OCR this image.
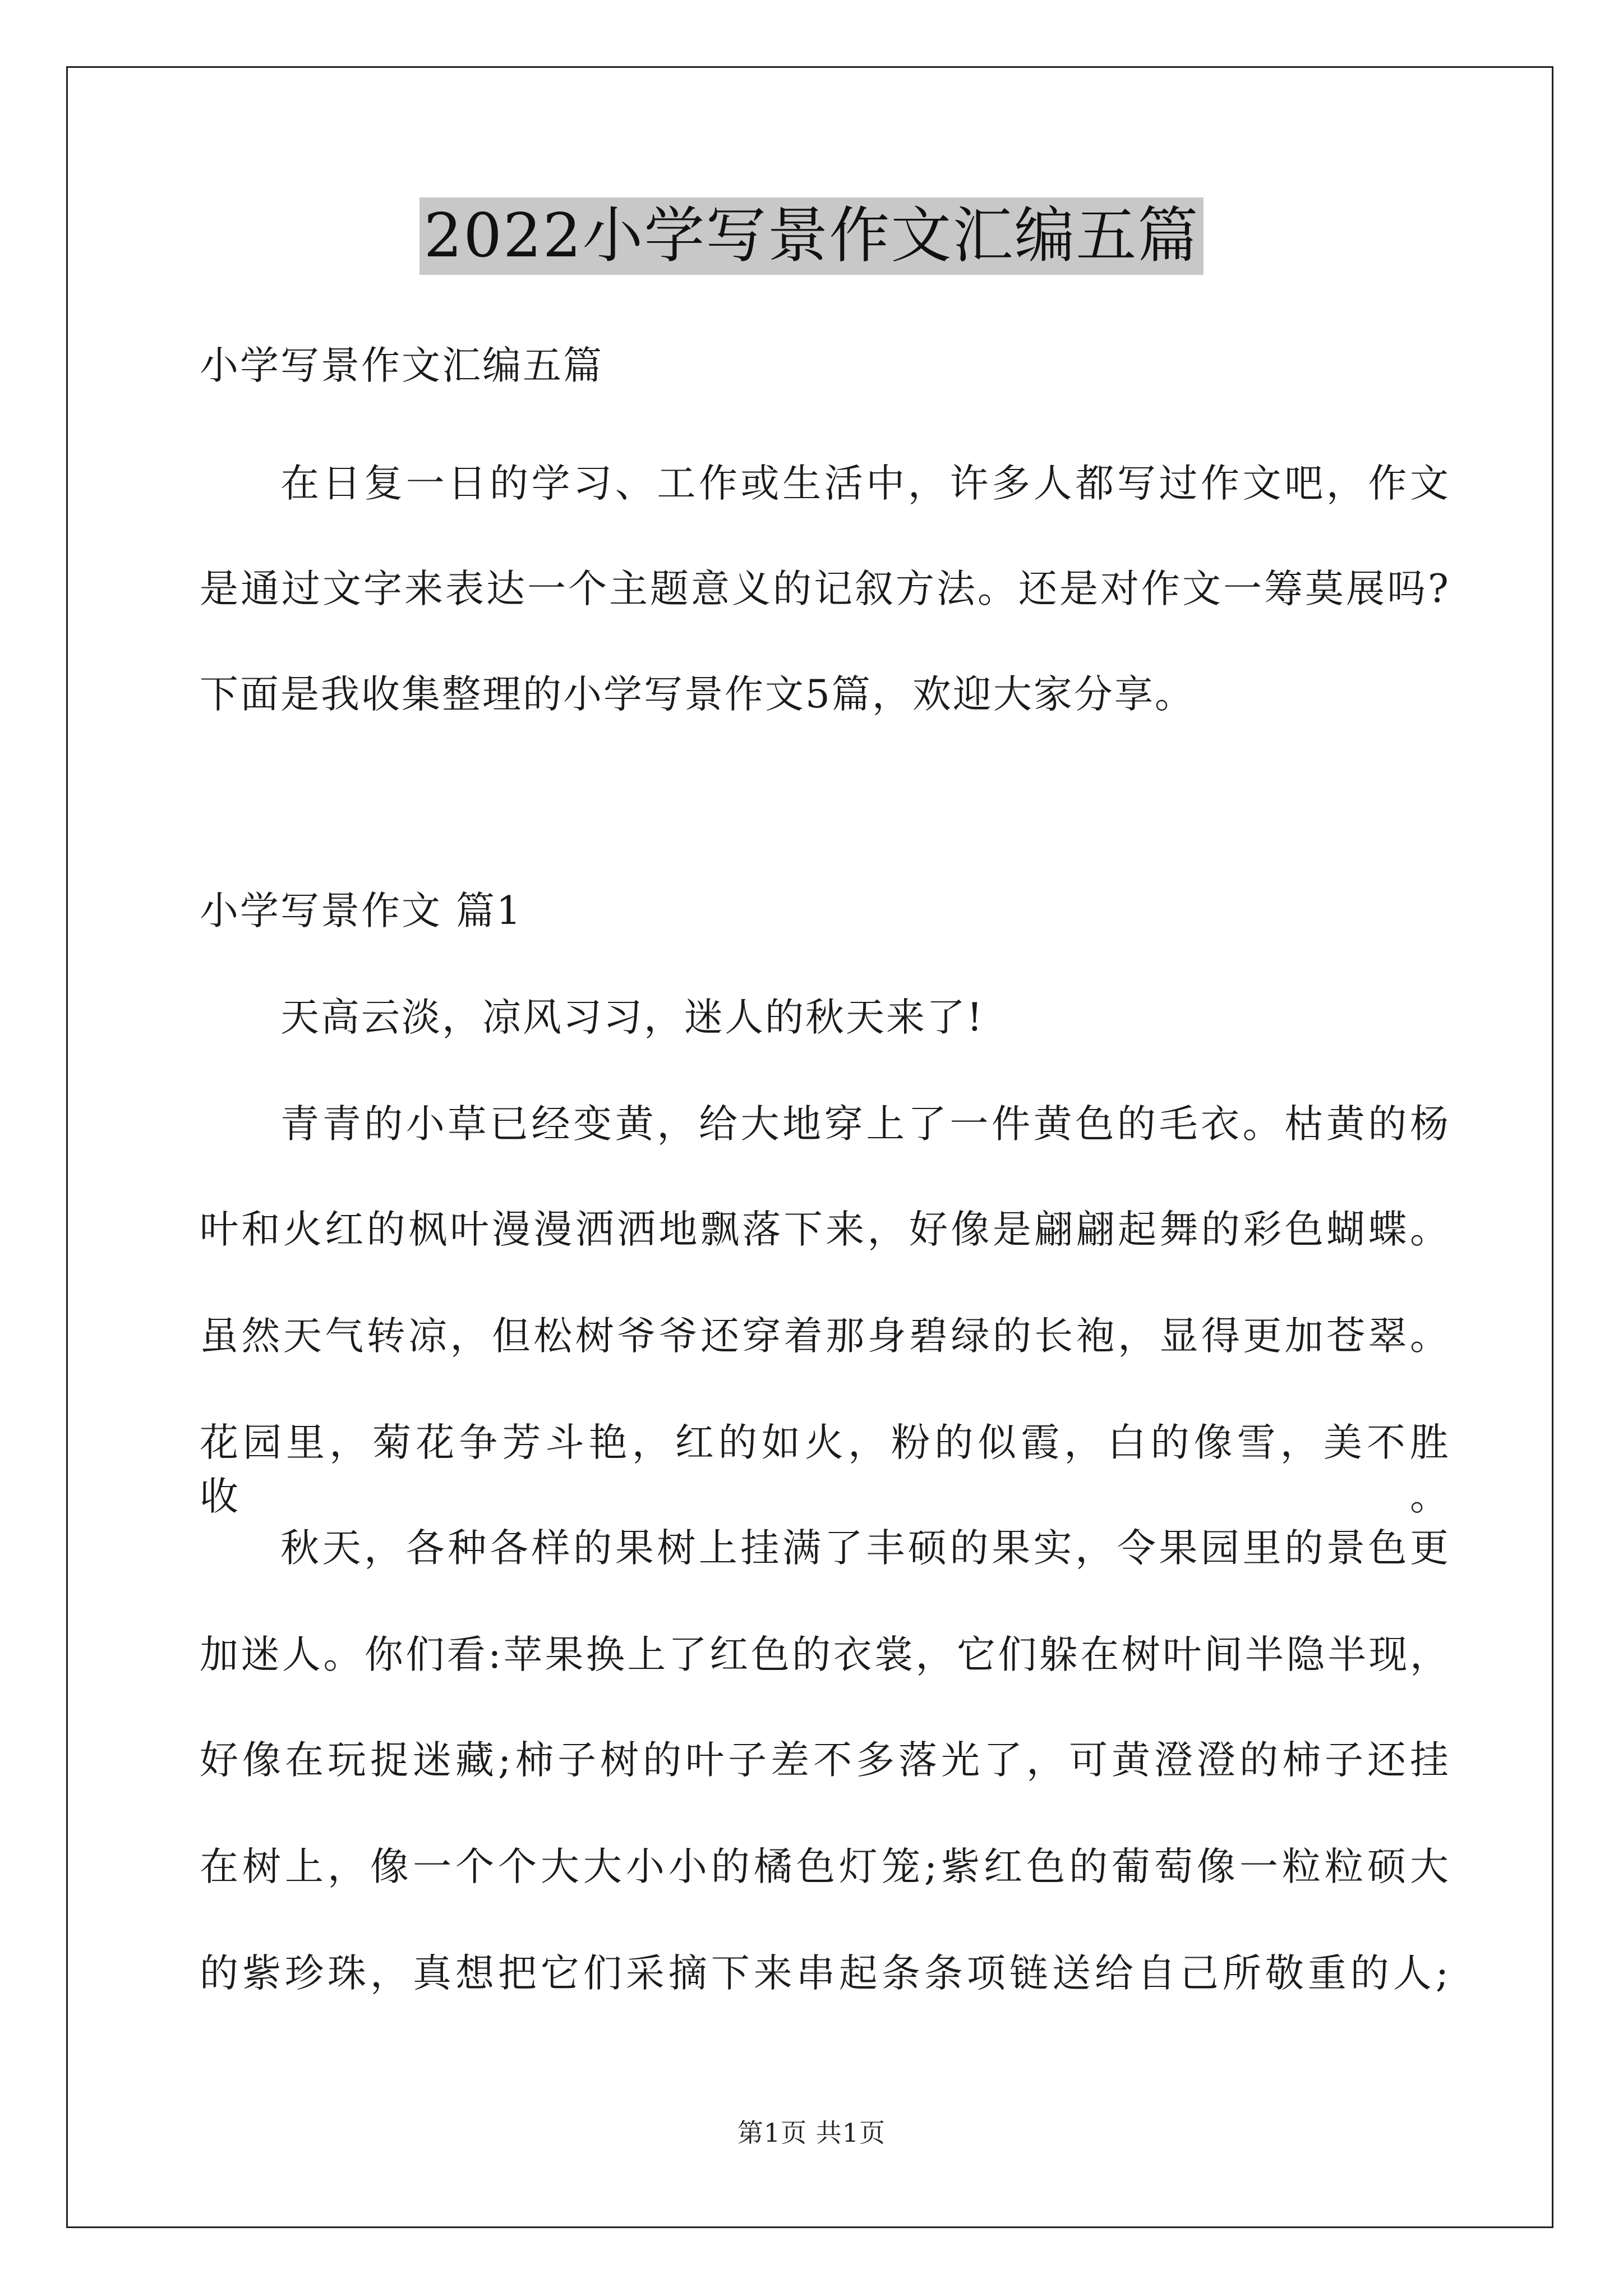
2022小学写景作文汇编五篇
小学写景作文汇编五篇
在日复一日的学习、工作或生活中，许多人都写过作文吧，作文
是通过文字来表达一个主题意义的记叙方法。还是对作文一筹莫展吗?
下面是我收集整理的小学写景作文5篇，欢迎大家分享。
小学写景作文 篇1
天高云淡，凉风习习，迷人的秋天来了!
青青的小草已经变黄，给大地穿上了一件黄色的毛衣。枯黄的杨
叶和火红的枫叶漫漫洒洒地飘落下来，好像是翩翩起舞的彩色蝴蝶。
虽然天气转凉，但松树爷爷还穿着那身碧绿的长袍，显得更加苍翠。
花园里，菊花争芳斗艳，红的如火，粉的似霞，白的像雪，美不胜收。
秋天，各种各样的果树上挂满了丰硕的果实，令果园里的景色更
加迷人。你们看:苹果换上了红色的衣裳，它们躲在树叶间半隐半现，
好像在玩捉迷藏;柿子树的叶子差不多落光了，可黄澄澄的柿子还挂
在树上，像一个个大大小小的橘色灯笼;紫红色的葡萄像一粒粒硕大
的紫珍珠，真想把它们采摘下来串起条条项链送给自己所敬重的人;
第1页 共1页
